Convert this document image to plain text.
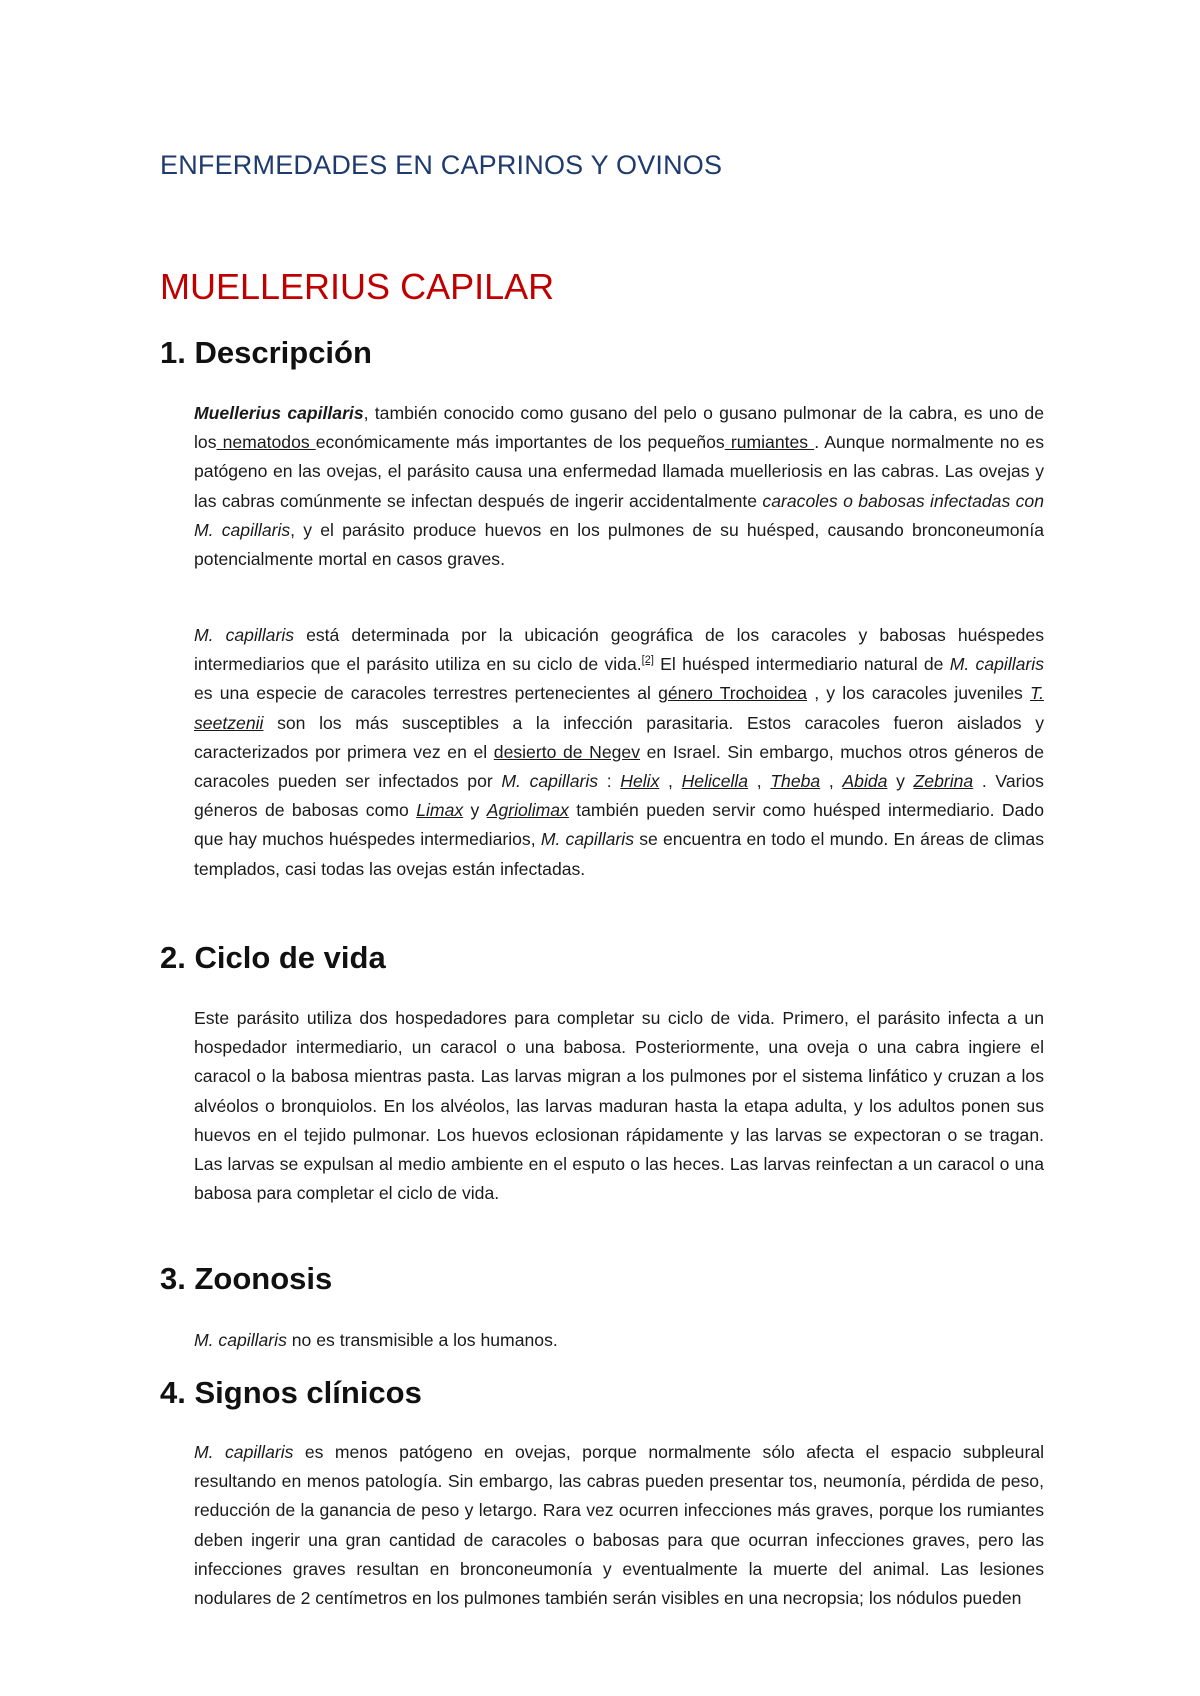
ENFERMEDADES EN CAPRINOS Y OVINOS
MUELLERIUS CAPILAR
1. Descripción
Muellerius capillaris, también conocido como gusano del pelo o gusano pulmonar de la cabra, es uno de los nematodos económicamente más importantes de los pequeños rumiantes . Aunque normalmente no es patógeno en las ovejas, el parásito causa una enfermedad llamada muelleriosis en las cabras. Las ovejas y las cabras comúnmente se infectan después de ingerir accidentalmente caracoles o babosas infectadas con M. capillaris, y el parásito produce huevos en los pulmones de su huésped, causando bronconeumonía potencialmente mortal en casos graves.
M. capillaris está determinada por la ubicación geográfica de los caracoles y babosas huéspedes intermediarios que el parásito utiliza en su ciclo de vida.[2] El huésped intermediario natural de M. capillaris es una especie de caracoles terrestres pertenecientes al género Trochoidea , y los caracoles juveniles T. seetzenii son los más susceptibles a la infección parasitaria. Estos caracoles fueron aislados y caracterizados por primera vez en el desierto de Negev en Israel. Sin embargo, muchos otros géneros de caracoles pueden ser infectados por M. capillaris : Helix , Helicella , Theba , Abida y Zebrina . Varios géneros de babosas como Limax y Agriolimax también pueden servir como huésped intermediario. Dado que hay muchos huéspedes intermediarios, M. capillaris se encuentra en todo el mundo. En áreas de climas templados, casi todas las ovejas están infectadas.
2. Ciclo de vida
Este parásito utiliza dos hospedadores para completar su ciclo de vida. Primero, el parásito infecta a un hospedador intermediario, un caracol o una babosa. Posteriormente, una oveja o una cabra ingiere el caracol o la babosa mientras pasta. Las larvas migran a los pulmones por el sistema linfático y cruzan a los alvéolos o bronquiolos. En los alvéolos, las larvas maduran hasta la etapa adulta, y los adultos ponen sus huevos en el tejido pulmonar. Los huevos eclosionan rápidamente y las larvas se expectoran o se tragan. Las larvas se expulsan al medio ambiente en el esputo o las heces. Las larvas reinfectan a un caracol o una babosa para completar el ciclo de vida.
3. Zoonosis
M. capillaris no es transmisible a los humanos.
4. Signos clínicos
M. capillaris es menos patógeno en ovejas, porque normalmente sólo afecta el espacio subpleural resultando en menos patología. Sin embargo, las cabras pueden presentar tos, neumonía, pérdida de peso, reducción de la ganancia de peso y letargo. Rara vez ocurren infecciones más graves, porque los rumiantes deben ingerir una gran cantidad de caracoles o babosas para que ocurran infecciones graves, pero las infecciones graves resultan en bronconeumonía y eventualmente la muerte del animal. Las lesiones nodulares de 2 centímetros en los pulmones también serán visibles en una necropsia; los nódulos pueden
